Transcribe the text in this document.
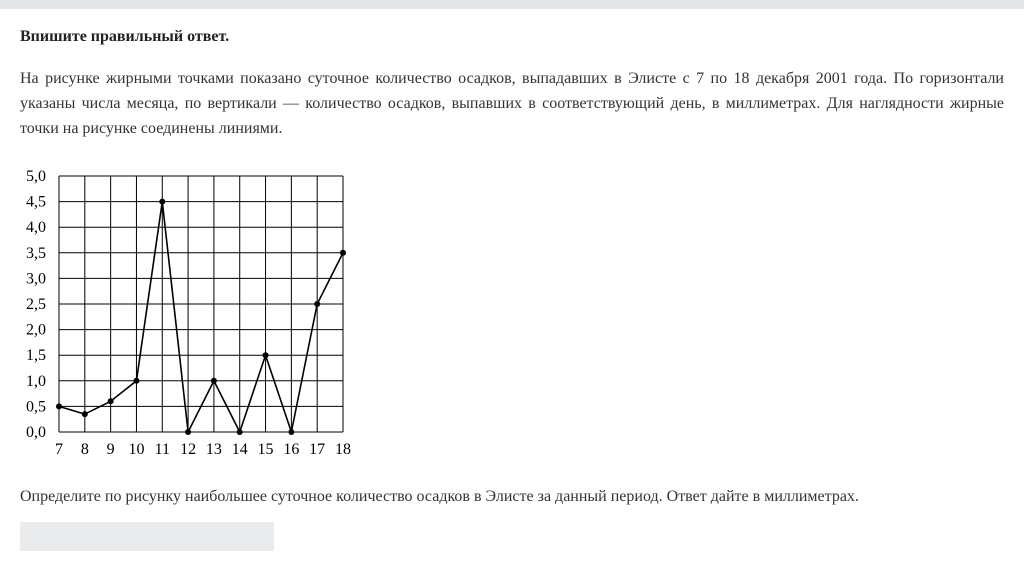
Впишите правильный ответ.
На рисунке жирными точками показано суточное количество осадков, выпадавших в Элисте с 7 по 18 декабря 2001 года. По горизонтали указаны числа месяца, по вертикали — количество осадков, выпавших в соответствующий день, в миллиметрах. Для наглядности жирные точки на рисунке соединены линиями.
0,0
0,5
1,0
1,5
2,0
2,5
3,0
3,5
4,0
4,5
5,0
7 8 9 10 11 12 13 14 15 16 17 18
Определите по рисунку наибольшее суточное количество осадков в Элисте за данный период. Ответ дайте в миллиметрах.
